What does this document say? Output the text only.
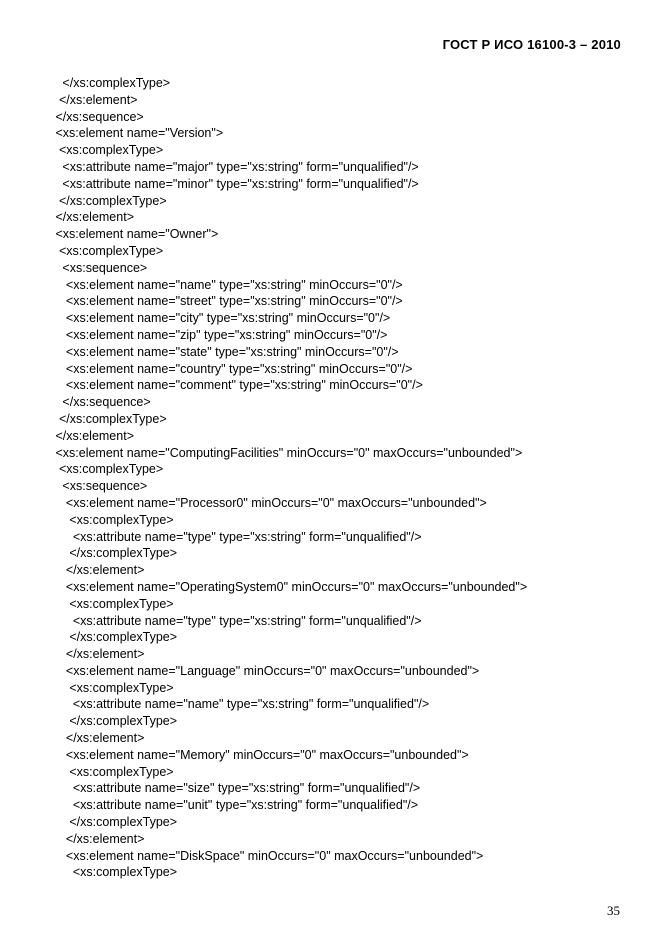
ГОСТ Р ИСО 16100-3 – 2010
</xs:complexType>
</xs:element>
</xs:sequence>
<xs:element name="Version">
<xs:complexType>
<xs:attribute name="major" type="xs:string" form="unqualified"/>
<xs:attribute name="minor" type="xs:string" form="unqualified"/>
</xs:complexType>
</xs:element>
<xs:element name="Owner">
<xs:complexType>
<xs:sequence>
<xs:element name="name" type="xs:string" minOccurs="0"/>
<xs:element name="street" type="xs:string" minOccurs="0"/>
<xs:element name="city" type="xs:string" minOccurs="0"/>
<xs:element name="zip" type="xs:string" minOccurs="0"/>
<xs:element name="state" type="xs:string" minOccurs="0"/>
<xs:element name="country" type="xs:string" minOccurs="0"/>
<xs:element name="comment" type="xs:string" minOccurs="0"/>
</xs:sequence>
</xs:complexType>
</xs:element>
<xs:element name="ComputingFacilities" minOccurs="0" maxOccurs="unbounded">
<xs:complexType>
<xs:sequence>
<xs:element name="Processor0" minOccurs="0" maxOccurs="unbounded">
<xs:complexType>
<xs:attribute name="type" type="xs:string" form="unqualified"/>
</xs:complexType>
</xs:element>
<xs:element name="OperatingSystem0" minOccurs="0" maxOccurs="unbounded">
<xs:complexType>
<xs:attribute name="type" type="xs:string" form="unqualified"/>
</xs:complexType>
</xs:element>
<xs:element name="Language" minOccurs="0" maxOccurs="unbounded">
<xs:complexType>
<xs:attribute name="name" type="xs:string" form="unqualified"/>
</xs:complexType>
</xs:element>
<xs:element name="Memory" minOccurs="0" maxOccurs="unbounded">
<xs:complexType>
<xs:attribute name="size" type="xs:string" form="unqualified"/>
<xs:attribute name="unit" type="xs:string" form="unqualified"/>
</xs:complexType>
</xs:element>
<xs:element name="DiskSpace" minOccurs="0" maxOccurs="unbounded">
<xs:complexType>
35
